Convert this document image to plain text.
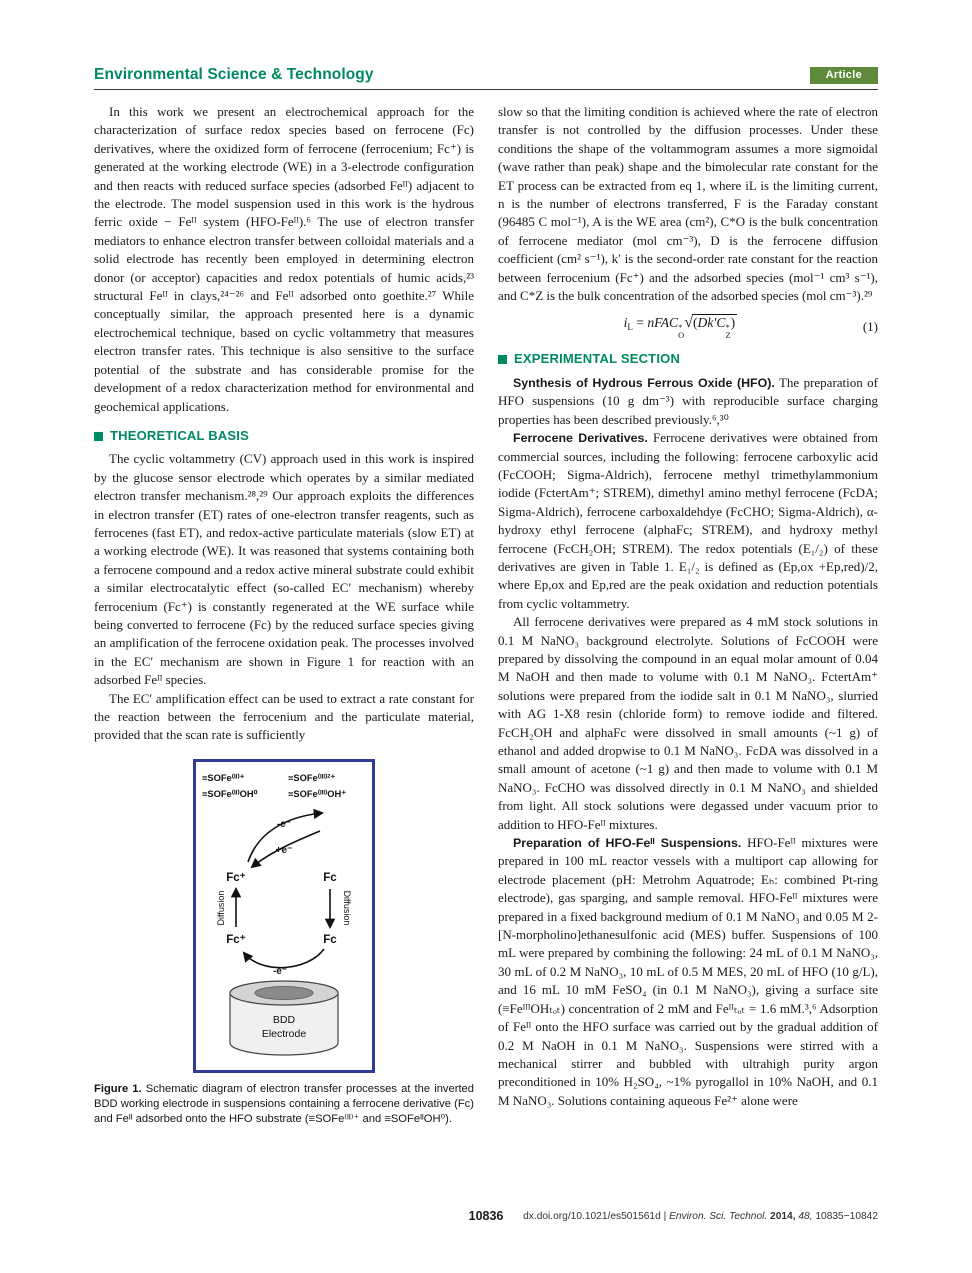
Environmental Science & Technology	Article

In this work we present an electrochemical approach for the characterization of surface redox species based on ferrocene (Fc) derivatives, where the oxidized form of ferrocene (ferrocenium; Fc⁺) is generated at the working electrode (WE) in a 3-electrode configuration and then reacts with reduced surface species (adsorbed Feᴵᴵ) adjacent to the electrode. The model suspension used in this work is the hydrous ferric oxide − Feᴵᴵ system (HFO-Feᴵᴵ).⁶ The use of electron transfer mediators to enhance electron transfer between colloidal materials and a solid electrode has recently been employed in determining electron donor (or acceptor) capacities and redox potentials of humic acids,²³ structural Feᴵᴵ in clays,²⁴⁻²⁶ and Feᴵᴵ adsorbed onto goethite.²⁷ While conceptually similar, the approach presented here is a dynamic electrochemical technique, based on cyclic voltammetry that measures electron transfer rates. This technique is also sensitive to the surface potential of the substrate and has considerable promise for the development of a redox characterization method for environmental and geochemical applications.

THEORETICAL BASIS

The cyclic voltammetry (CV) approach used in this work is inspired by the glucose sensor electrode which operates by a similar mediated electron transfer mechanism.²⁸,²⁹ Our approach exploits the differences in electron transfer (ET) rates of one-electron transfer reagents, such as ferrocenes (fast ET), and redox-active particulate materials (slow ET) at a working electrode (WE). It was reasoned that systems containing both a ferrocene compound and a redox active mineral substrate could exhibit a similar electrocatalytic effect (so-called EC′ mechanism) whereby ferrocenium (Fc⁺) is constantly regenerated at the WE surface while being converted to ferrocene (Fc) by the reduced surface species giving an amplification of the ferrocene oxidation peak. The processes involved in the EC′ mechanism are shown in Figure 1 for reaction with an adsorbed Feᴵᴵ species.

The EC′ amplification effect can be used to extract a rate constant for the reaction between the ferrocenium and the particulate material, provided that the scan rate is sufficiently

≡SOFe⁽ᴵᴵ⁾⁺	≡SOFe⁽ᴵᴵᴵ⁾²⁺
≡SOFe⁽ᴵᴵ⁾OH⁰	≡SOFe⁽ᴵᴵᴵ⁾OH⁺
-e⁻
+e⁻
Fc⁺	Fc
Diffusion	Diffusion
Fc⁺	Fc
-e⁻
BDD
Electrode
Figure 1. Schematic diagram of electron transfer processes at the inverted BDD working electrode in suspensions containing a ferrocene derivative (Fc) and Feᴵᴵ adsorbed onto the HFO substrate (≡SOFe⁽ᴵᴵ⁾⁺ and ≡SOFeᴵᴵOH⁰).

slow so that the limiting condition is achieved where the rate of electron transfer is not controlled by the diffusion processes. Under these conditions the shape of the voltammogram assumes a more sigmoidal (wave rather than peak) shape and the bimolecular rate constant for the ET process can be extracted from eq 1, where iL is the limiting current, n is the number of electrons transferred, F is the Faraday constant (96485 C mol⁻¹), A is the WE area (cm²), C*O is the bulk concentration of ferrocene mediator (mol cm⁻³), D is the ferrocene diffusion coefficient (cm² s⁻¹), k′ is the second-order rate constant for the reaction between ferrocenium (Fc⁺) and the adsorbed species (mol⁻¹ cm³ s⁻¹), and C*Z is the bulk concentration of the adsorbed species (mol cm⁻³).²⁹

$i_L$ = nFAC *
O
√(Dk′C *
Z
)	(1)
EXPERIMENTAL SECTION

Synthesis of Hydrous Ferrous Oxide (HFO). The preparation of HFO suspensions (10 g dm⁻³) with reproducible surface charging properties has been described previously.⁶,³⁰

Ferrocene Derivatives. Ferrocene derivatives were obtained from commercial sources, including the following: ferrocene carboxylic acid (FcCOOH; Sigma-Aldrich), ferrocene methyl trimethylammonium iodide (FctertAm⁺; STREM), dimethyl amino methyl ferrocene (FcDA; Sigma-Aldrich), ferrocene carboxaldehdye (FcCHO; Sigma-Aldrich), α-hydroxy ethyl ferrocene (alphaFc; STREM), and hydroxy methyl ferrocene (FcCH₂OH; STREM). The redox potentials (E₁/₂) of these derivatives are given in Table 1. E₁/₂ is defined as (Ep,ox +Ep,red)/2, where Ep,ox and Ep,red are the peak oxidation and reduction potentials from cyclic voltammetry.

All ferrocene derivatives were prepared as 4 mM stock solutions in 0.1 M NaNO₃ background electrolyte. Solutions of FcCOOH were prepared by dissolving the compound in an equal molar amount of 0.04 M NaOH and then made to volume with 0.1 M NaNO₃. FctertAm⁺ solutions were prepared from the iodide salt in 0.1 M NaNO₃, slurried with AG 1-X8 resin (chloride form) to remove iodide and filtered. FcCH₂OH and alphaFc were dissolved in small amounts (~1 g) of ethanol and added dropwise to 0.1 M NaNO₃. FcDA was dissolved in a small amount of acetone (~1 g) and then made to volume with 0.1 M NaNO₃. FcCHO was dissolved directly in 0.1 M NaNO₃ and shielded from light. All stock solutions were degassed under vacuum prior to addition to HFO-Feᴵᴵ mixtures.

Preparation of HFO-Feᴵᴵ Suspensions. HFO-Feᴵᴵ mixtures were prepared in 100 mL reactor vessels with a multiport cap allowing for electrode placement (pH: Metrohm Aquatrode; Eₕ: combined Pt-ring electrode), gas sparging, and sample removal. HFO-Feᴵᴵ mixtures were prepared in a fixed background medium of 0.1 M NaNO₃ and 0.05 M 2-[N-morpholino]ethanesulfonic acid (MES) buffer. Suspensions of 100 mL were prepared by combining the following: 24 mL of 0.1 M NaNO₃, 30 mL of 0.2 M NaNO₃, 10 mL of 0.5 M MES, 20 mL of HFO (10 g/L), and 16 mL 10 mM FeSO₄ (in 0.1 M NaNO₃), giving a surface site (≡FeᴵᴵᴵOHₜₒₜ) concentration of 2 mM and Feᴵᴵₜₒₜ = 1.6 mM.³,⁶ Adsorption of Feᴵᴵ onto the HFO surface was carried out by the gradual addition of 0.2 M NaOH in 0.1 M NaNO₃. Suspensions were stirred with a mechanical stirrer and bubbled with ultrahigh purity argon preconditioned in 10% H₂SO₄, ~1% pyrogallol in 10% NaOH, and 0.1 M NaNO₃. Solutions containing aqueous Fe²⁺ alone were

10836 dx.doi.org/10.1021/es501561d | Environ. Sci. Technol. 2014, 48, 10835−10842
